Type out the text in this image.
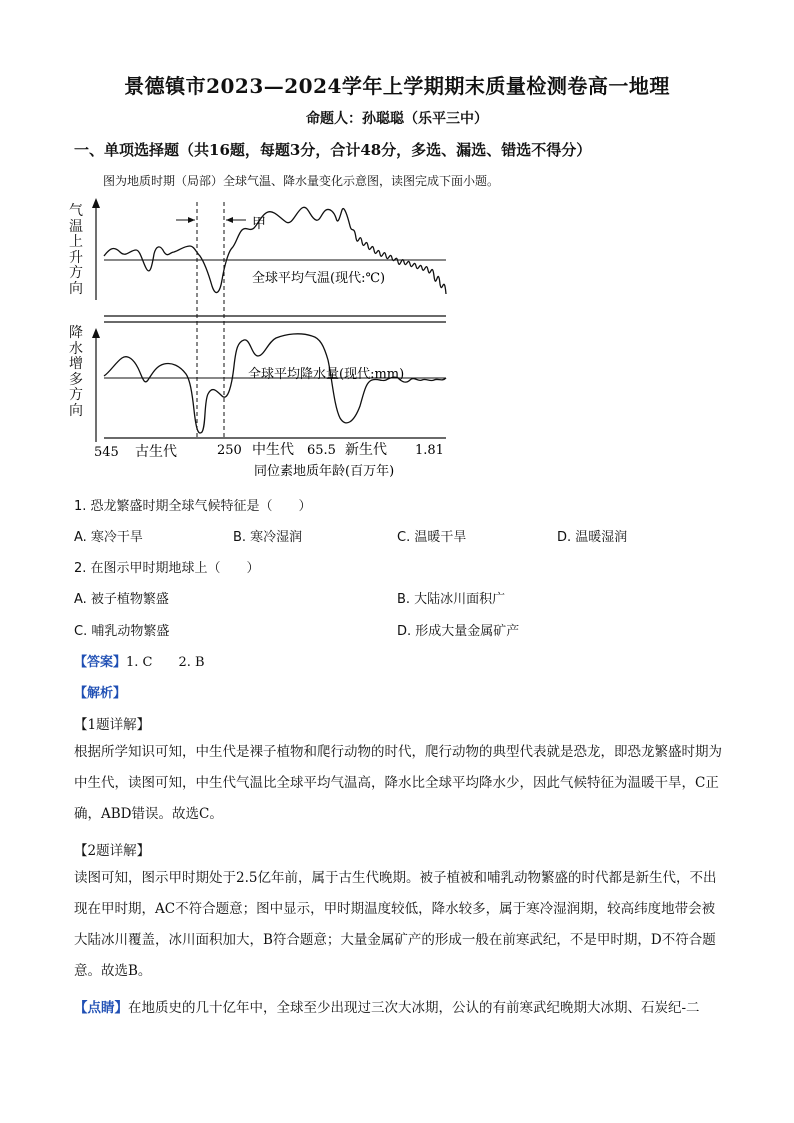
景德镇市2023—2024学年上学期期末质量检测卷高一地理
命题人：孙聪聪（乐平三中）
一、单项选择题（共16题，每题3分，合计48分，多选、漏选、错选不得分）
图为地质时期（局部）全球气温、降水量变化示意图，读图完成下面小题。
甲
全球平均气温(现代:℃)
全球平均降水量(现代:mm)
545 古生代	250 中生代 65.5 新生代 1.81
同位素地质年龄(百万年)
气温上升方向
降水增多方向
1. 恐龙繁盛时期全球气候特征是（　　）
A. 寒冷干旱	B. 寒冷湿润	C. 温暖干旱	D. 温暖湿润
2. 在图示甲时期地球上（　　）
A. 被子植物繁盛	B. 大陆冰川面积广
C. 哺乳动物繁盛	D. 形成大量金属矿产
【答案】1. C　　2. B
【解析】
【1题详解】
根据所学知识可知，中生代是裸子植物和爬行动物的时代，爬行动物的典型代表就是恐龙，即恐龙繁盛时期为中生代，读图可知，中生代气温比全球平均气温高，降水比全球平均降水少，因此气候特征为温暖干旱，C正确，ABD错误。故选C。
【2题详解】
读图可知，图示甲时期处于2.5亿年前，属于古生代晚期。被子植被和哺乳动物繁盛的时代都是新生代，不出现在甲时期，AC不符合题意；图中显示，甲时期温度较低，降水较多，属于寒冷湿润期，较高纬度地带会被大陆冰川覆盖，冰川面积加大，B符合题意；大量金属矿产的形成一般在前寒武纪，不是甲时期，D不符合题意。故选B。
【点睛】在地质史的几十亿年中，全球至少出现过三次大冰期，公认的有前寒武纪晚期大冰期、石炭纪-二
